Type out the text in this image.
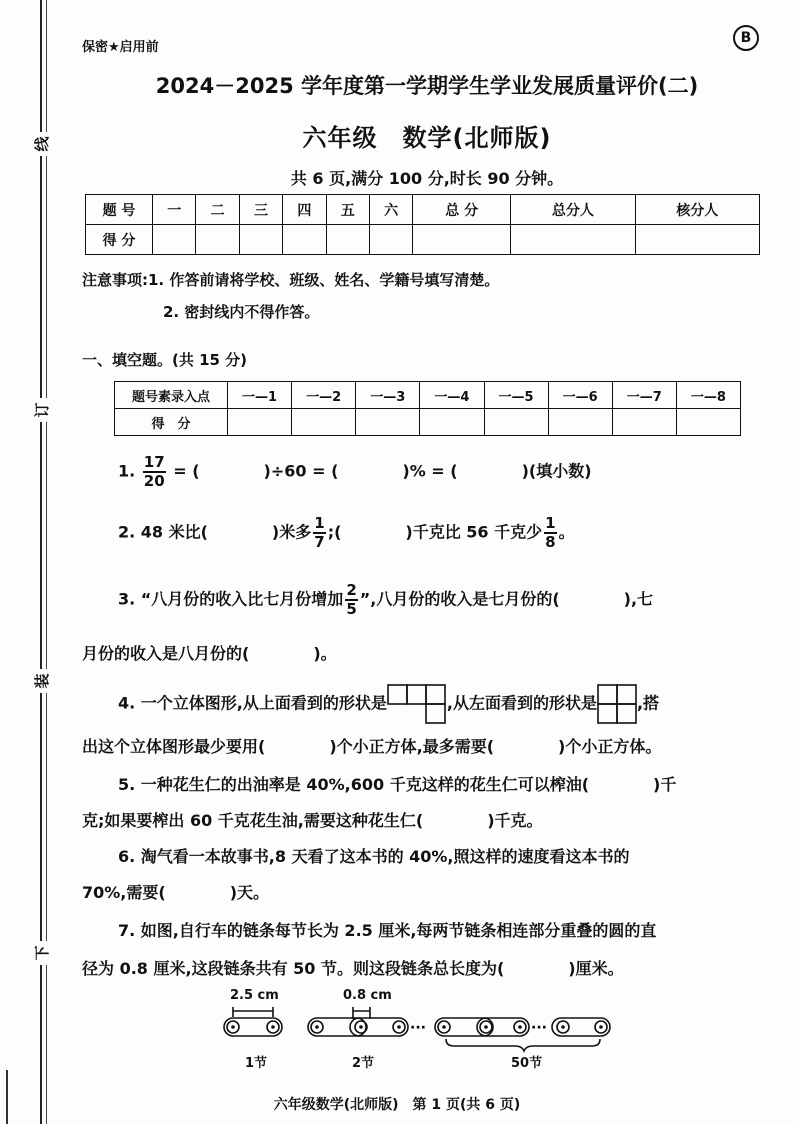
线
订
装
下
保密★启用前
B
2024－2025 学年度第一学期学生学业发展质量评价(二)
六年级　数学(北师版)
共 6 页,满分 100 分,时长 90 分钟。
题 号	一	二	三	四	五	六	总 分	总分人	核分人
得 分									
注意事项:1. 作答前请将学校、班级、姓名、学籍号填写清楚。
2. 密封线内不得作答。
一、填空题。(共 15 分)
题号素录入点	一—1	一—2	一—3	一—4	一—5	一—6	一—7	一—8
得　分								
1. $\frac{17}{20}$ = (　　　　)÷60 = (　　　　)% = (　　　　)(填小数)
2. 48 米比(　　　　)米多 $\frac{1}{7}$ ;(　　　　)千克比 56 千克少 $\frac{1}{8}$ 。
3. “八月份的收入比七月份增加 $\frac{2}{5}$ ”,八月份的收入是七月份的(　　　　),七
月份的收入是八月份的(　　　　)。
4. 一个立体图形,从上面看到的形状是	,从左面看到的形状是	,搭
出这个立体图形最少要用(　　　　)个小正方体,最多需要(　　　　)个小正方体。
5. 一种花生仁的出油率是 40%,600 千克这样的花生仁可以榨油(　　　　)千
克;如果要榨出 60 千克花生油,需要这种花生仁(　　　　)千克。
6. 淘气看一本故事书,8 天看了这本书的 40%,照这样的速度看这本书的
70%,需要(　　　　)天。
7. 如图,自行车的链条每节长为 2.5 厘米,每两节链条相连部分重叠的圆的直
径为 0.8 厘米,这段链条共有 50 节。则这段链条总长度为(　　　　)厘米。
···	···
2.5 cm	0.8 cm
1节	2节	50节
六年级数学(北师版)　第 1 页(共 6 页)
